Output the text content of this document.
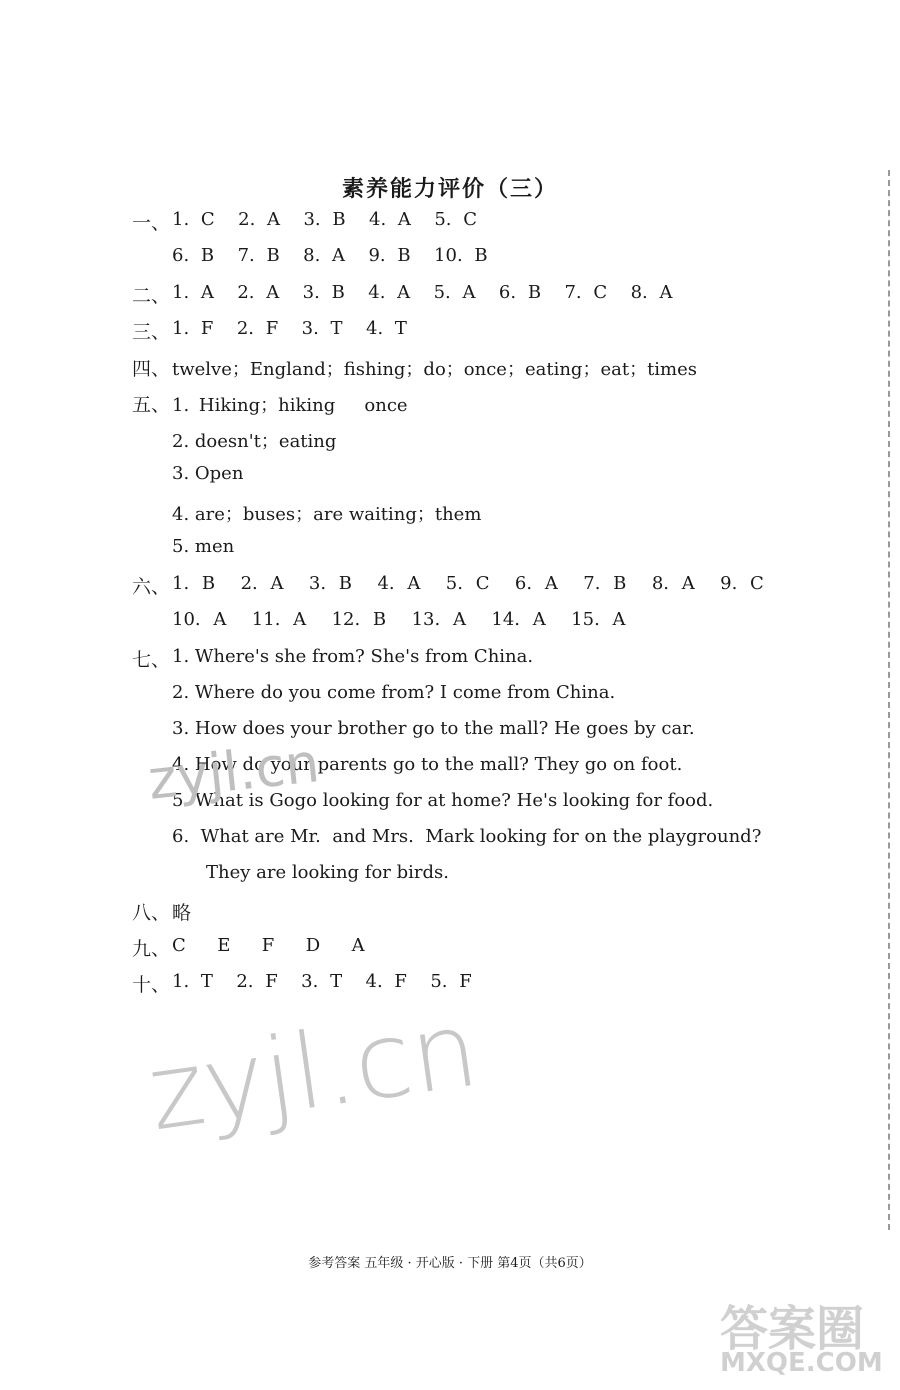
素养能力评价（三）
一、 1. C  2. A  3. B  4. A  5. C
6. B  7. B  8. A  9. B  10. B
二、 1. A  2. A  3. B  4. A  5. A  6. B  7. C  8. A
三、 1. F  2. F  3. T  4. T
四、 twelve；England；fishing；do；once；eating；eat；times
五、 1. Hiking；hiking   once
2. doesn't；eating
3. Open
4. are；buses；are waiting；them
5. men
六、 1. B  2. A  3. B  4. A  5. C  6. A  7. B  8. A  9. C
10. A  11. A  12. B  13. A  14. A  15. A
七、 1. Where's she from? She's from China.
2. Where do you come from? I come from China.
3. How does your brother go to the mall? He goes by car.
4. How do your parents go to the mall? They go on foot.
5. What is Gogo looking for at home? He's looking for food.
6.  What are Mr.  and Mrs.  Mark looking for on the playground?
They are looking for birds.
八、 略
九、 C  E  F  D  A
十、 1. T  2. F  3. T  4. F  5. F
zyjl.cn
zyjl.cn
答案圈
MXQE.COM
参考答案 五年级 · 开心版 · 下册 第4页（共6页）
